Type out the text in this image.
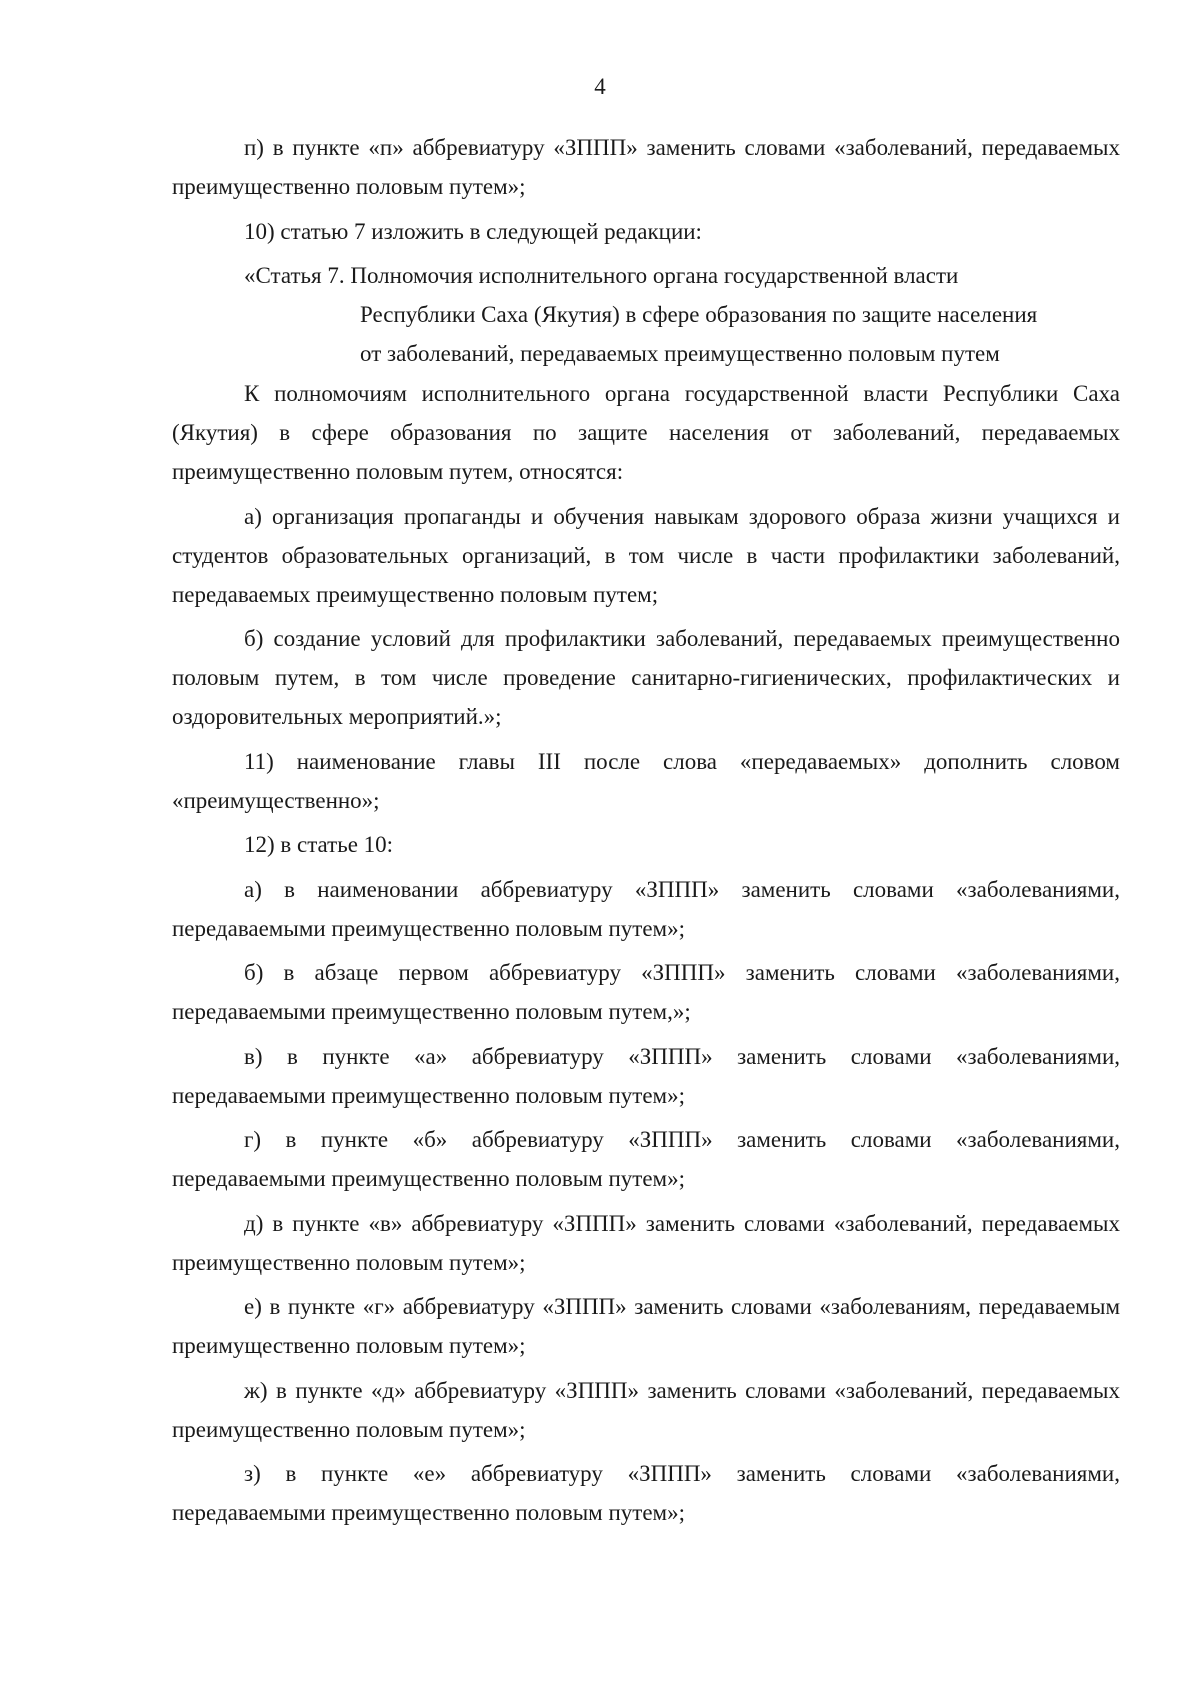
4

п) в пункте «п» аббревиатуру «ЗППП» заменить словами «заболеваний, передаваемых преимущественно половым путем»;

10) статью 7 изложить в следующей редакции:

«Статья 7. Полномочия исполнительного органа государственной власти
Республики Саха (Якутия) в сфере образования по защите населения
от заболеваний, передаваемых преимущественно половым путем

К полномочиям исполнительного органа государственной власти Республики Саха (Якутия) в сфере образования по защите населения от заболеваний, передаваемых преимущественно половым путем, относятся:

а) организация пропаганды и обучения навыкам здорового образа жизни учащихся и студентов образовательных организаций, в том числе в части профилактики заболеваний, передаваемых преимущественно половым путем;

б) создание условий для профилактики заболеваний, передаваемых преимущественно половым путем, в том числе проведение санитарно-гигиенических, профилактических и оздоровительных мероприятий.»;

11) наименование главы III после слова «передаваемых» дополнить словом «преимущественно»;

12) в статье 10:

а) в наименовании аббревиатуру «ЗППП» заменить словами «заболеваниями, передаваемыми преимущественно половым путем»;

б) в абзаце первом аббревиатуру «ЗППП» заменить словами «заболеваниями, передаваемыми преимущественно половым путем,»;

в) в пункте «а» аббревиатуру «ЗППП» заменить словами «заболеваниями, передаваемыми преимущественно половым путем»;

г) в пункте «б» аббревиатуру «ЗППП» заменить словами «заболеваниями, передаваемыми преимущественно половым путем»;

д) в пункте «в» аббревиатуру «ЗППП» заменить словами «заболеваний, передаваемых преимущественно половым путем»;

е) в пункте «г» аббревиатуру «ЗППП» заменить словами «заболеваниям, передаваемым преимущественно половым путем»;

ж) в пункте «д» аббревиатуру «ЗППП» заменить словами «заболеваний, передаваемых преимущественно половым путем»;

з) в пункте «е» аббревиатуру «ЗППП» заменить словами «заболеваниями, передаваемыми преимущественно половым путем»;
